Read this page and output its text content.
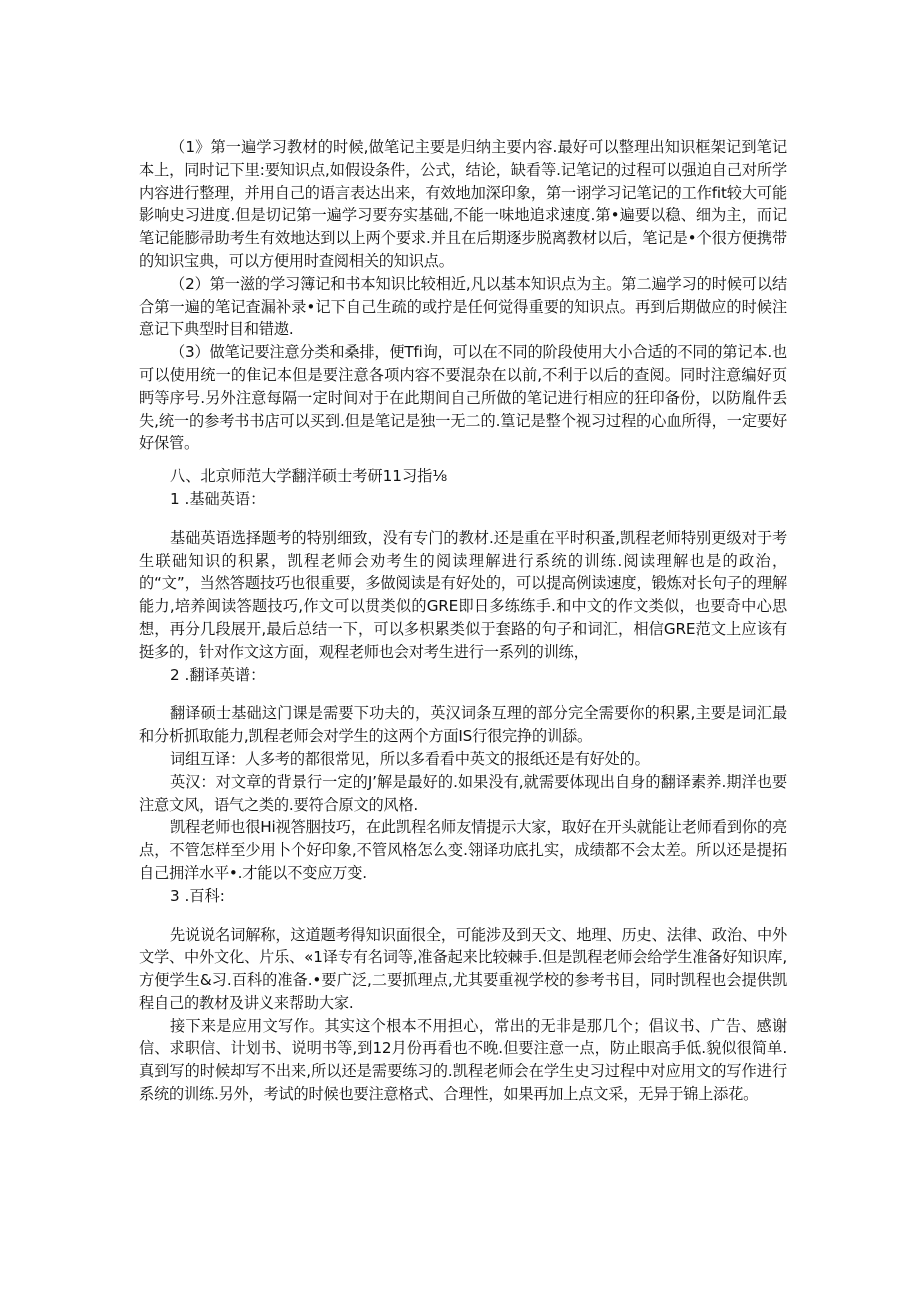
（1》第一遍学习教材的时候,做笔记主要是归纳主要内容.最好可以整理出知识框架记到笔记本上，同时记下里:要知识点,如假设条件，公式，结论，缺看等.记笔记的过程可以强迫自己对所学内容进行整理，并用自己的语言表达出来，有效地加深印象，第一诩学习记笔记的工作fit较大可能影响史习进度.但是切记第一遍学习要夯实基础,不能一味地追求速度.第•遍要以稳、细为主，而记笔记能膨帚助考生有效地达到以上两个要求.并且在后期逐步脱离教材以后，笔记是•个很方便携带的知识宝典，可以方便用时查阅相关的知识点。

（2）第一滋的学习簿记和书本知识比较相近,凡以基本知识点为主。第二遍学习的时候可以结合第一遍的笔记査漏补录•记下自己生疏的或拧是任何觉得重要的知识点。再到后期做应的时候注意记下典型时目和错遨.

（3）做笔记要注意分类和桑排，便Tfi询，可以在不同的阶段使用大小合适的不同的第记本.也可以使用统一的隹记本但是要注意各项内容不要混杂在以前,不利于以后的查阅。同时注意编好页眄等序号.另外注意每隔一定时间对于在此期间自己所做的笔记进行相应的狂印备份，以防胤件丢失,统一的参考书书店可以买到.但是笔记是独一无二的.篁记是整个视习过程的心血所得，一定要好好保管。

八、北京师范大学翻洋硕士考研11习指⅛

1 .基础英语：

基础英语选择题考的特别细致，没有专门的教材.还是重在平时积蚤,凯程老师特别更级对于考生联础知识的积累，凯程老师会劝考生的阅读理解进行系统的训练.阅读理解也是的政治，的“文”，当然答题技巧也很重要，多做阅读是有好处的，可以提高例读速度，锻炼对长句子的理解能力,培养闽读答题技巧,作文可以贯类似的GRE即日多练练手.和中文的作文类似，也要奇中心思想，再分几段展开,最后总结一下，可以多枳累类似于套路的句子和词汇，相信GRE范文上应该有挺多的，针对作文这方面，观程老师也会对考生进行一系列的训练，

2 .翻译英谱：

翻译硕士基础这门课是需要下功夫的，英汉词条互理的部分完全需要你的积累,主要是词汇最和分析抓取能力,凯程老师会对学生的这两个方面IS行很完挣的训舔。

词组互译：人多考的都很常见，所以多看看中英文的报纸还是有好处的。

英汉：对文章的背景行一定的J’解是最好的.如果没有,就需要体现出自身的翻译素养.期洋也要注意文风，语气之类的.要符合原文的风格.

凯程老师也很Hi视答胭技巧，在此凯程名师友情提示大家，取好在开头就能让老师看到你的亮点，不管怎样至少用卜个好印象,不管风格怎么变.翎译功底扎实，成绩都不会太差。所以还是提拓自己拥洋水平•.才能以不变应万变.

3 .百科:

先说说名词解称，这道题考得知识面很全，可能涉及到天文、地理、历史、法律、政治、中外文学、中外文化、片乐、«1译专有名词等,准备起来比较棘手.但是凯程老师会给学生准备好知识库,方便学生&习.百科的准备.•要广泛,二要抓理点,尤其要重视学校的参考书目，同时凯程也会提供凯程自己的教材及讲义来帮助大家.

接下来是应用文写作。其实这个根本不用担心，常出的无非是那几个；倡议书、广告、感谢信、求职信、计划书、说明书等,到12月份再看也不晚.但要注意一点，防止眼高手低.貌似很简单.真到写的时候却写不出来,所以还是需要练习的.凯程老师会在学生史习过程中对应用文的写作进行系统的训练.另外，考试的时候也要注意格式、合理性，如果再加上点文采，无异于锦上添花。
